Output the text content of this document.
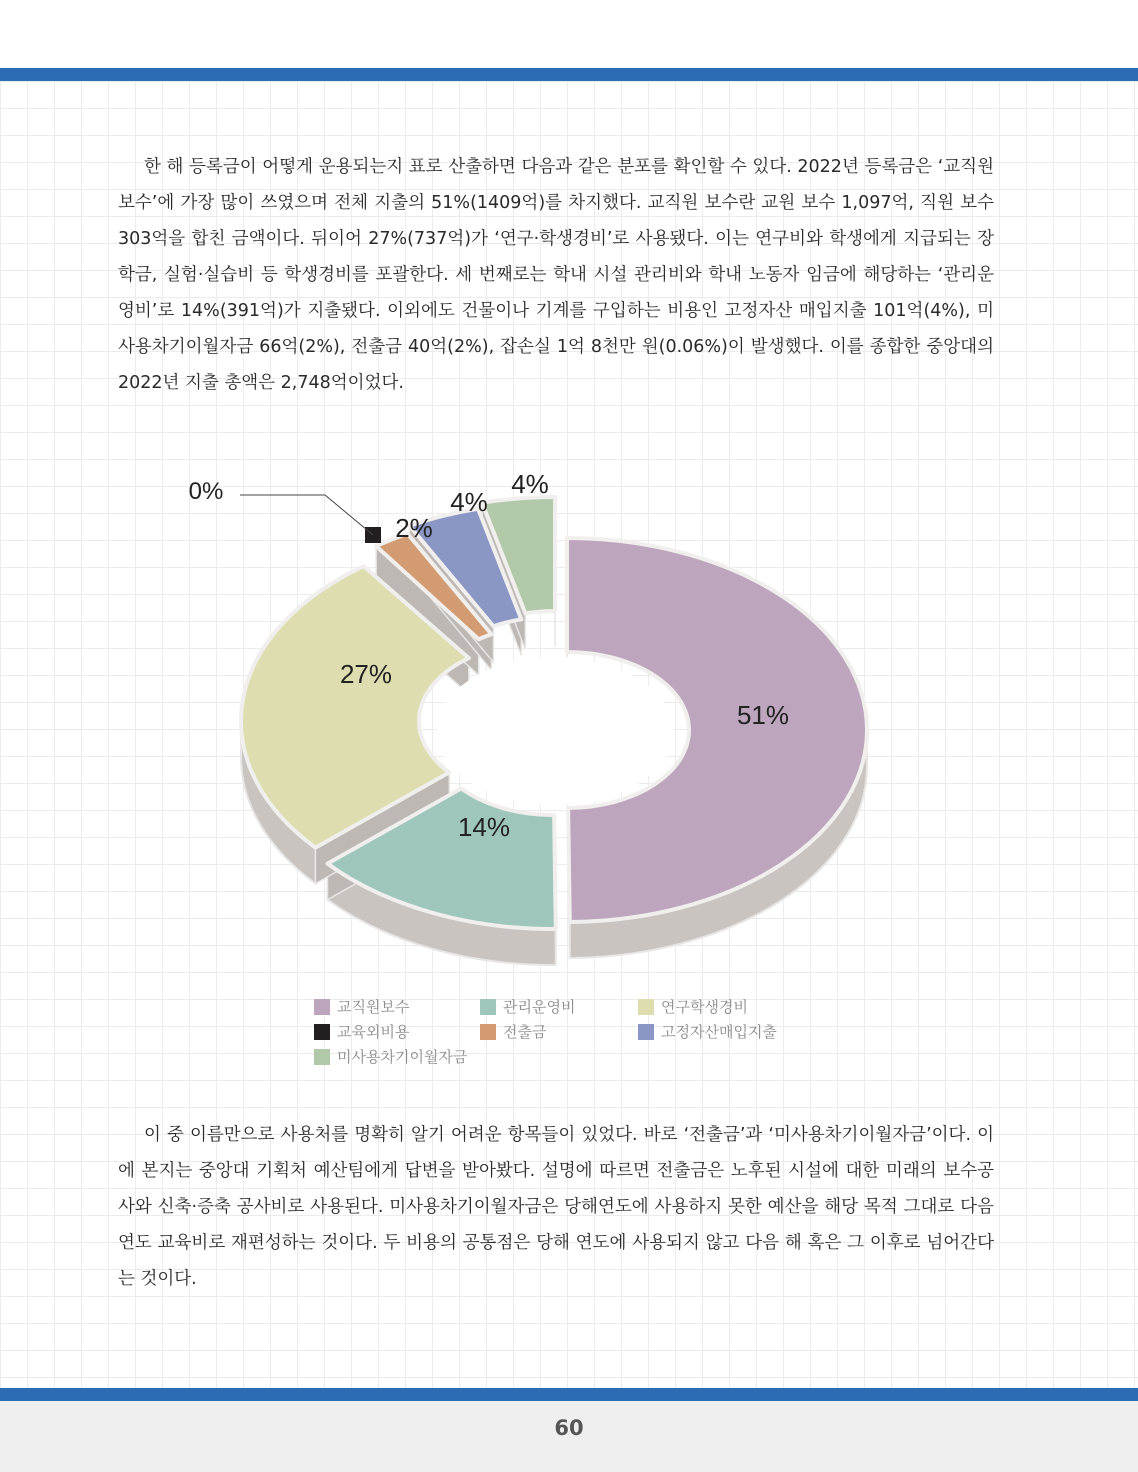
한 해 등록금이 어떻게 운용되는지 표로 산출하면 다음과 같은 분포를 확인할 수 있다. 2022년 등록금은 ‘교직원 보수’에 가장 많이 쓰였으며 전체 지출의 51%(1409억)를 차지했다. 교직원 보수란 교원 보수 1,097억, 직원 보수 303억을 합친 금액이다. 뒤이어 27%(737억)가 ‘연구·학생경비’로 사용됐다. 이는 연구비와 학생에게 지급되는 장학금, 실험·실습비 등 학생경비를 포괄한다. 세 번째로는 학내 시설 관리비와 학내 노동자 임금에 해당하는 ‘관리운영비’로 14%(391억)가 지출됐다. 이외에도 건물이나 기계를 구입하는 비용인 고정자산 매입지출 101억(4%), 미사용차기이월자금 66억(2%), 전출금 40억(2%), 잡손실 1억 8천만 원(0.06%)이 발생했다. 이를 종합한 중앙대의 2022년 지출 총액은 2,748억이었다.

51%
14%
27%
0%
2%
4%
4%
교직원보수	관리운영비	연구학생경비
교육외비용	전출금	고정자산매입지출
미사용차기이월자금

이 중 이름만으로 사용처를 명확히 알기 어려운 항목들이 있었다. 바로 ‘전출금’과 ‘미사용차기이월자금’이다. 이에 본지는 중앙대 기획처 예산팀에게 답변을 받아봤다. 설명에 따르면 전출금은 노후된 시설에 대한 미래의 보수공사와 신축·증축 공사비로 사용된다. 미사용차기이월자금은 당해연도에 사용하지 못한 예산을 해당 목적 그대로 다음 연도 교육비로 재편성하는 것이다. 두 비용의 공통점은 당해 연도에 사용되지 않고 다음 해 혹은 그 이후로 넘어간다는 것이다.

60
